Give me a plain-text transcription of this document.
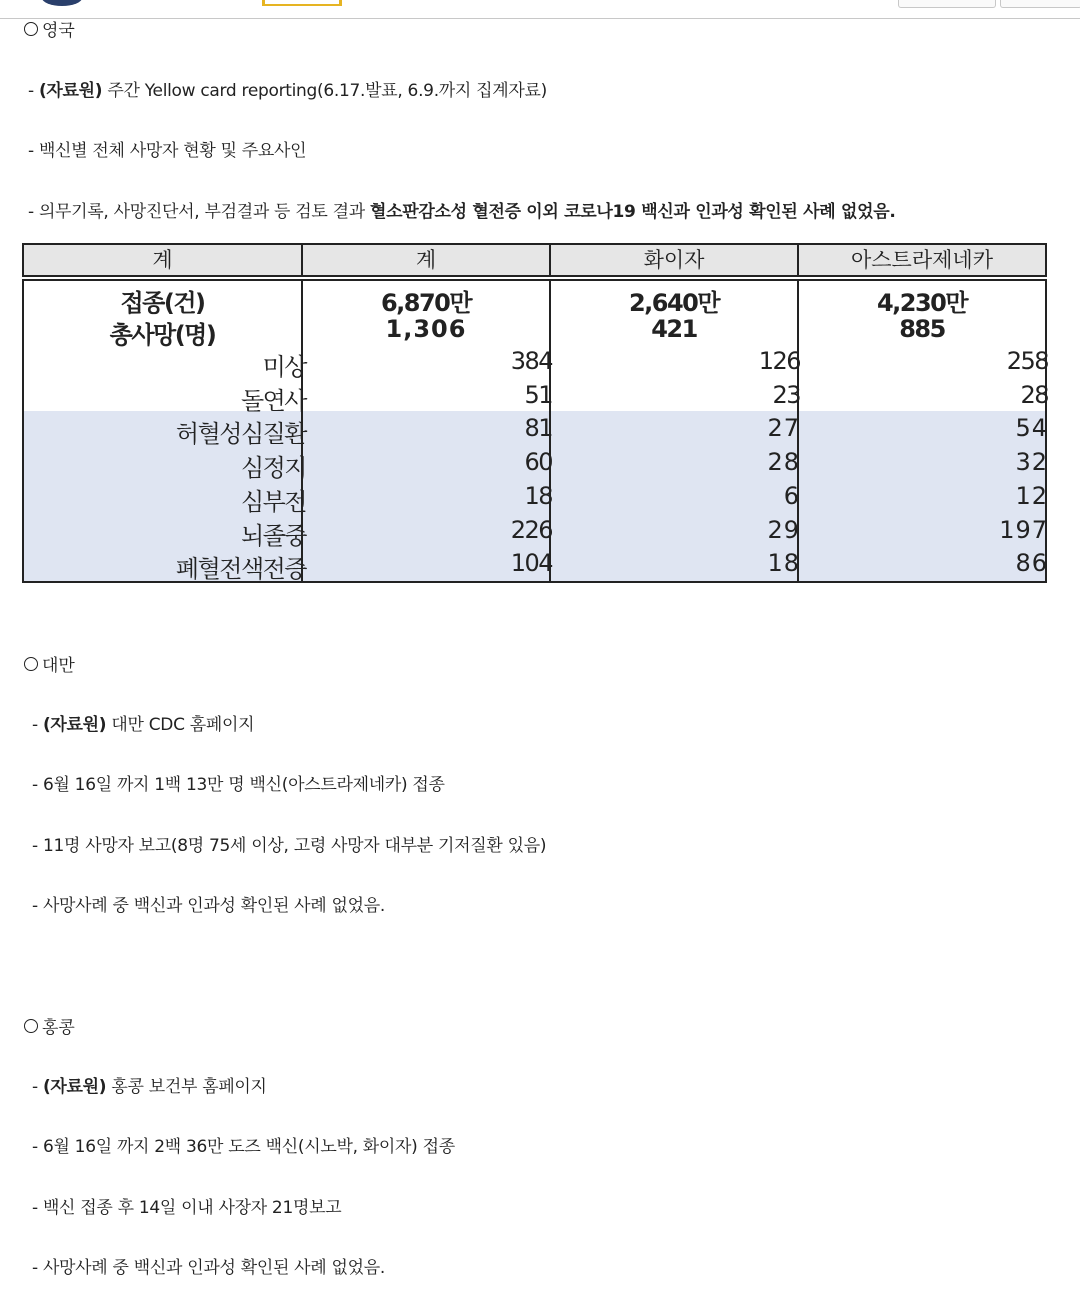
영국
- (자료원) 주간 Yellow card reporting(6.17.발표, 6.9.까지 집계자료)
- 백신별 전체 사망자 현황 및 주요사인
- 의무기록, 사망진단서, 부검결과 등 검토 결과 혈소판감소성 혈전증 이외 코로나19 백신과 인과성 확인된 사례 없었음.
계	계	화이자	아스트라제네카
접종(건)	6,870만	2,640만	4,230만
총사망(명)	1,306	421	885
미상	384	126	258
돌연사	51	23	28
허혈성심질환	81	27	54
심정지	60	28	32
심부전	18	6	12
뇌졸중	226	29	197
폐혈전색전증	104	18	86
대만
- (자료원) 대만 CDC 홈페이지
- 6월 16일 까지 1백 13만 명 백신(아스트라제네카) 접종
- 11명 사망자 보고(8명 75세 이상, 고령 사망자 대부분 기저질환 있음)
- 사망사례 중 백신과 인과성 확인된 사례 없었음.
홍콩
- (자료원) 홍콩 보건부 홈페이지
- 6월 16일 까지 2백 36만 도즈 백신(시노박, 화이자) 접종
- 백신 접종 후 14일 이내 사장자 21명보고
- 사망사례 중 백신과 인과성 확인된 사례 없었음.
